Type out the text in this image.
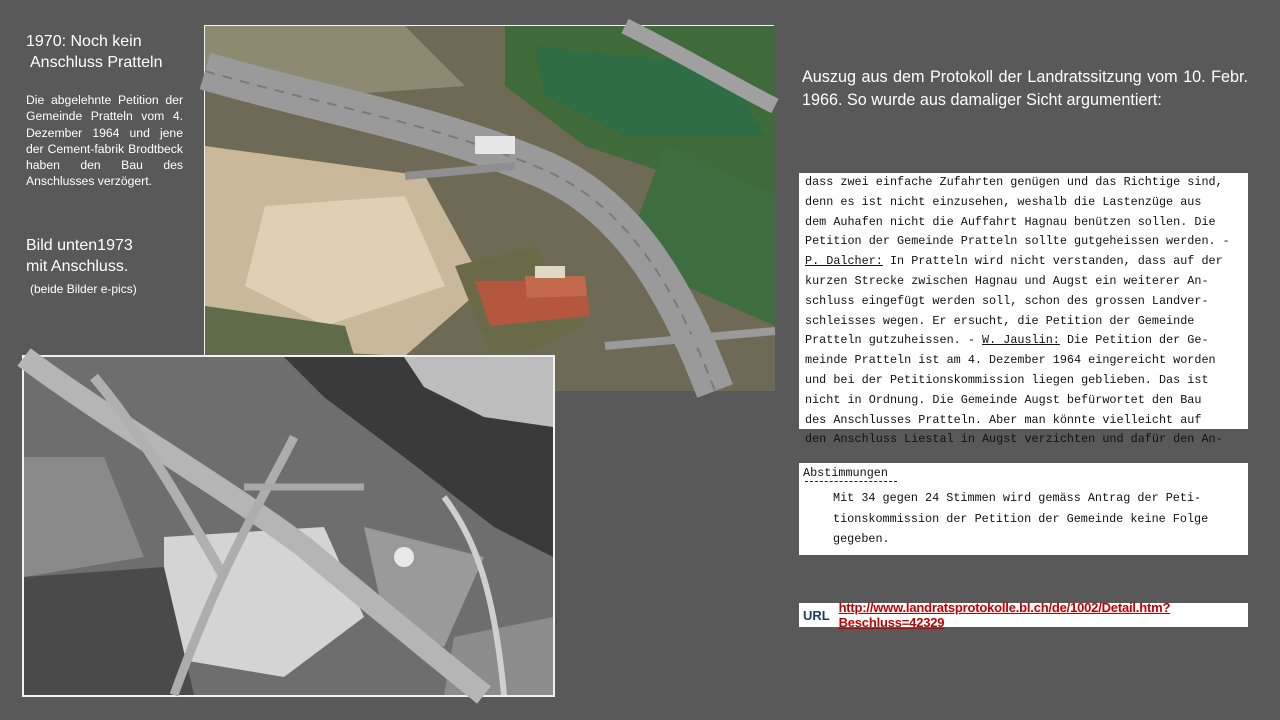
1970: Noch kein
Anschluss Pratteln
Die abgelehnte Petition der Gemeinde Pratteln vom 4. Dezember 1964 und jene der Cement-fabrik Brodtbeck haben den Bau des Anschlusses verzögert.
Bild unten1973
mit Anschluss.
(beide Bilder e-pics)
Auszug aus dem Protokoll der Landratssitzung vom 10. Febr. 1966. So wurde aus damaliger Sicht argumentiert:
dass zwei einfache Zufahrten genügen und das Richtige sind,
denn es ist nicht einzusehen, weshalb die Lastenzüge aus
dem Auhafen nicht die Auffahrt Hagnau benützen sollen. Die
Petition der Gemeinde Pratteln sollte gutgeheissen werden. -
P. Dalcher: In Pratteln wird nicht verstanden, dass auf der
kurzen Strecke zwischen Hagnau und Augst ein weiterer An-
schluss eingefügt werden soll, schon des grossen Landver-
schleisses wegen. Er ersucht, die Petition der Gemeinde
Pratteln gutzuheissen. - W. Jauslin: Die Petition der Ge-
meinde Pratteln ist am 4. Dezember 1964 eingereicht worden
und bei der Petitionskommission liegen geblieben. Das ist
nicht in Ordnung. Die Gemeinde Augst befürwortet den Bau
des Anschlusses Pratteln. Aber man könnte vielleicht auf
den Anschluss Liestal in Augst verzichten und dafür den An-
Abstimmungen
Mit 34 gegen 24 Stimmen wird gemäss Antrag der Peti-
tionskommission der Petition der Gemeinde keine Folge
gegeben.
URL http://www.landratsprotokolle.bl.ch/de/1002/Detail.htm?Beschluss=42329
